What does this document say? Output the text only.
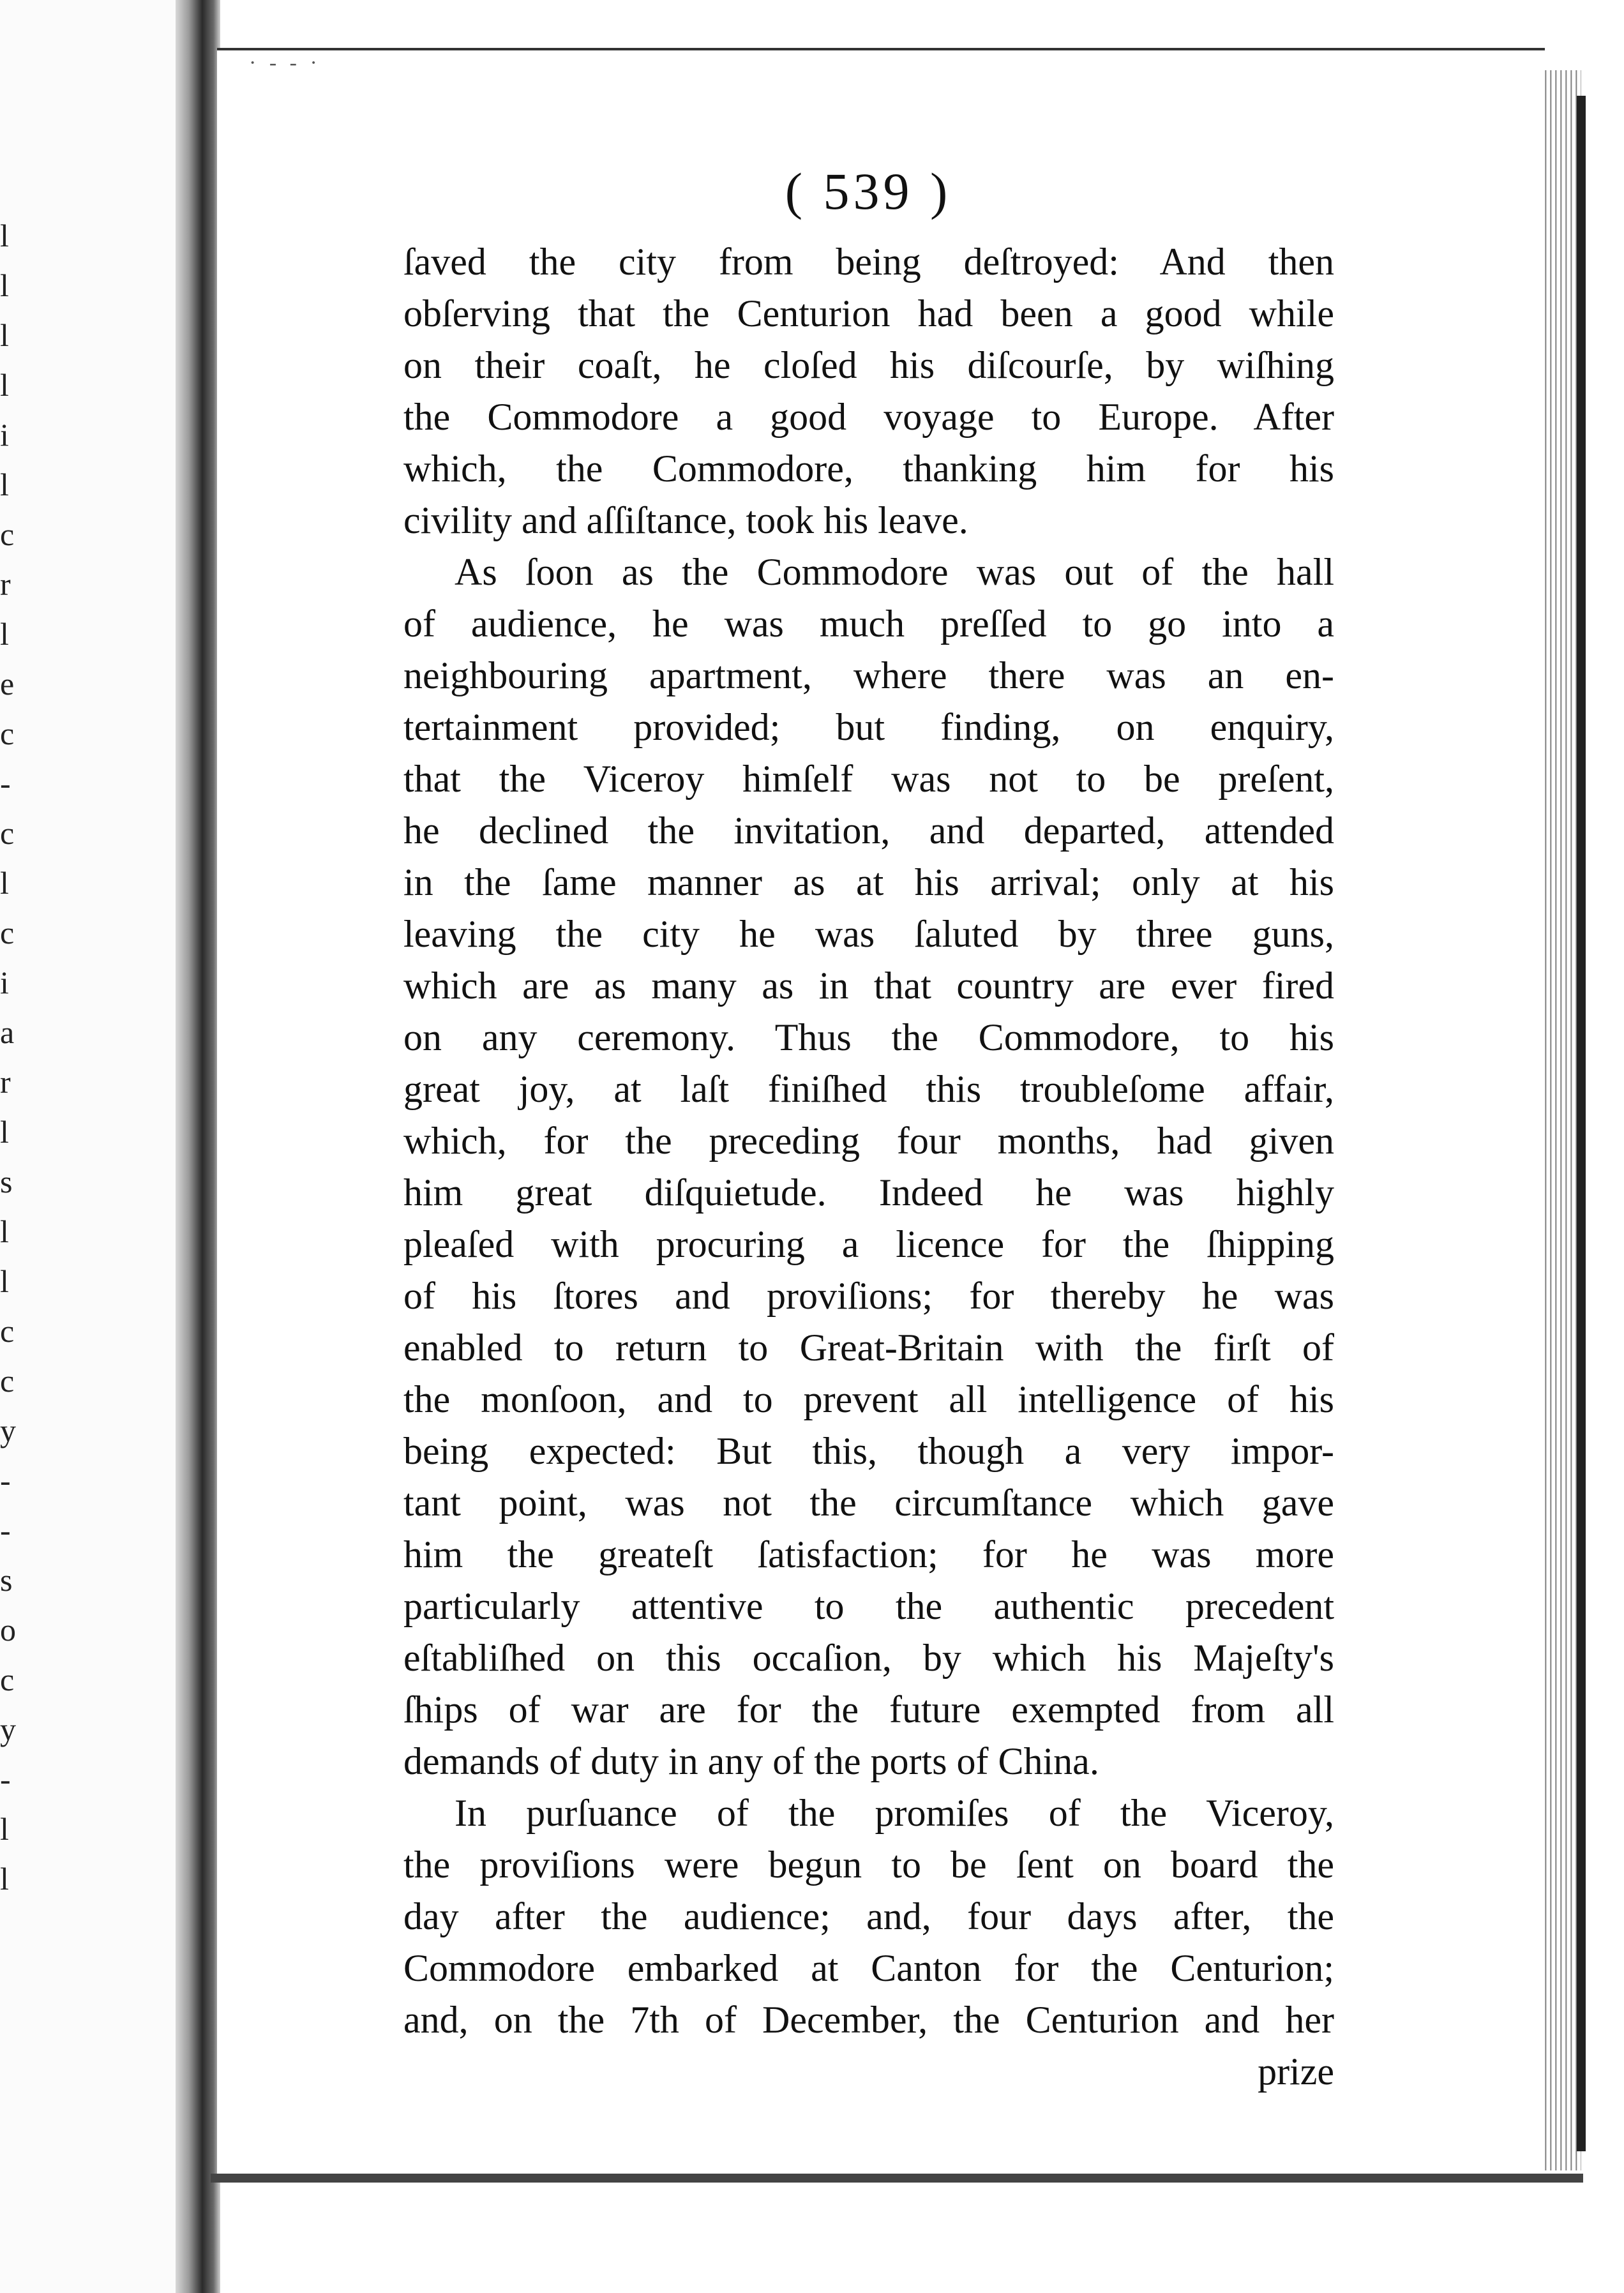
l
l
l
l
i
l
c
r
l
e
c
-
c
l
c
i
a
r
l
s
l
l
c
c
y
-
-
s
o
c
y
-
l
l
· - - ·
( 539 )
ſaved the city from being deſtroyed: And then
obſerving that the Centurion had been a good while
on their coaſt, he cloſed his diſcourſe, by wiſhing
the Commodore a good voyage to Europe. After
which, the Commodore, thanking him for his
civility and aſſiſtance, took his leave.
As ſoon as the Commodore was out of the hall
of audience, he was much preſſed to go into a
neighbouring apartment, where there was an en-
tertainment provided; but finding, on enquiry,
that the Viceroy himſelf was not to be preſent,
he declined the invitation, and departed, attended
in the ſame manner as at his arrival; only at his
leaving the city he was ſaluted by three guns,
which are as many as in that country are ever fired
on any ceremony. Thus the Commodore, to his
great joy, at laſt finiſhed this troubleſome affair,
which, for the preceding four months, had given
him great diſquietude. Indeed he was highly
pleaſed with procuring a licence for the ſhipping
of his ſtores and proviſions; for thereby he was
enabled to return to Great-Britain with the firſt of
the monſoon, and to prevent all intelligence of his
being expected: But this, though a very impor-
tant point, was not the circumſtance which gave
him the greateſt ſatisfaction; for he was more
particularly attentive to the authentic precedent
eſtabliſhed on this occaſion, by which his Majeſty's
ſhips of war are for the future exempted from all
demands of duty in any of the ports of China.
In purſuance of the promiſes of the Viceroy,
the proviſions were begun to be ſent on board the
day after the audience; and, four days after, the
Commodore embarked at Canton for the Centurion;
and, on the 7th of December, the Centurion and her
prize
